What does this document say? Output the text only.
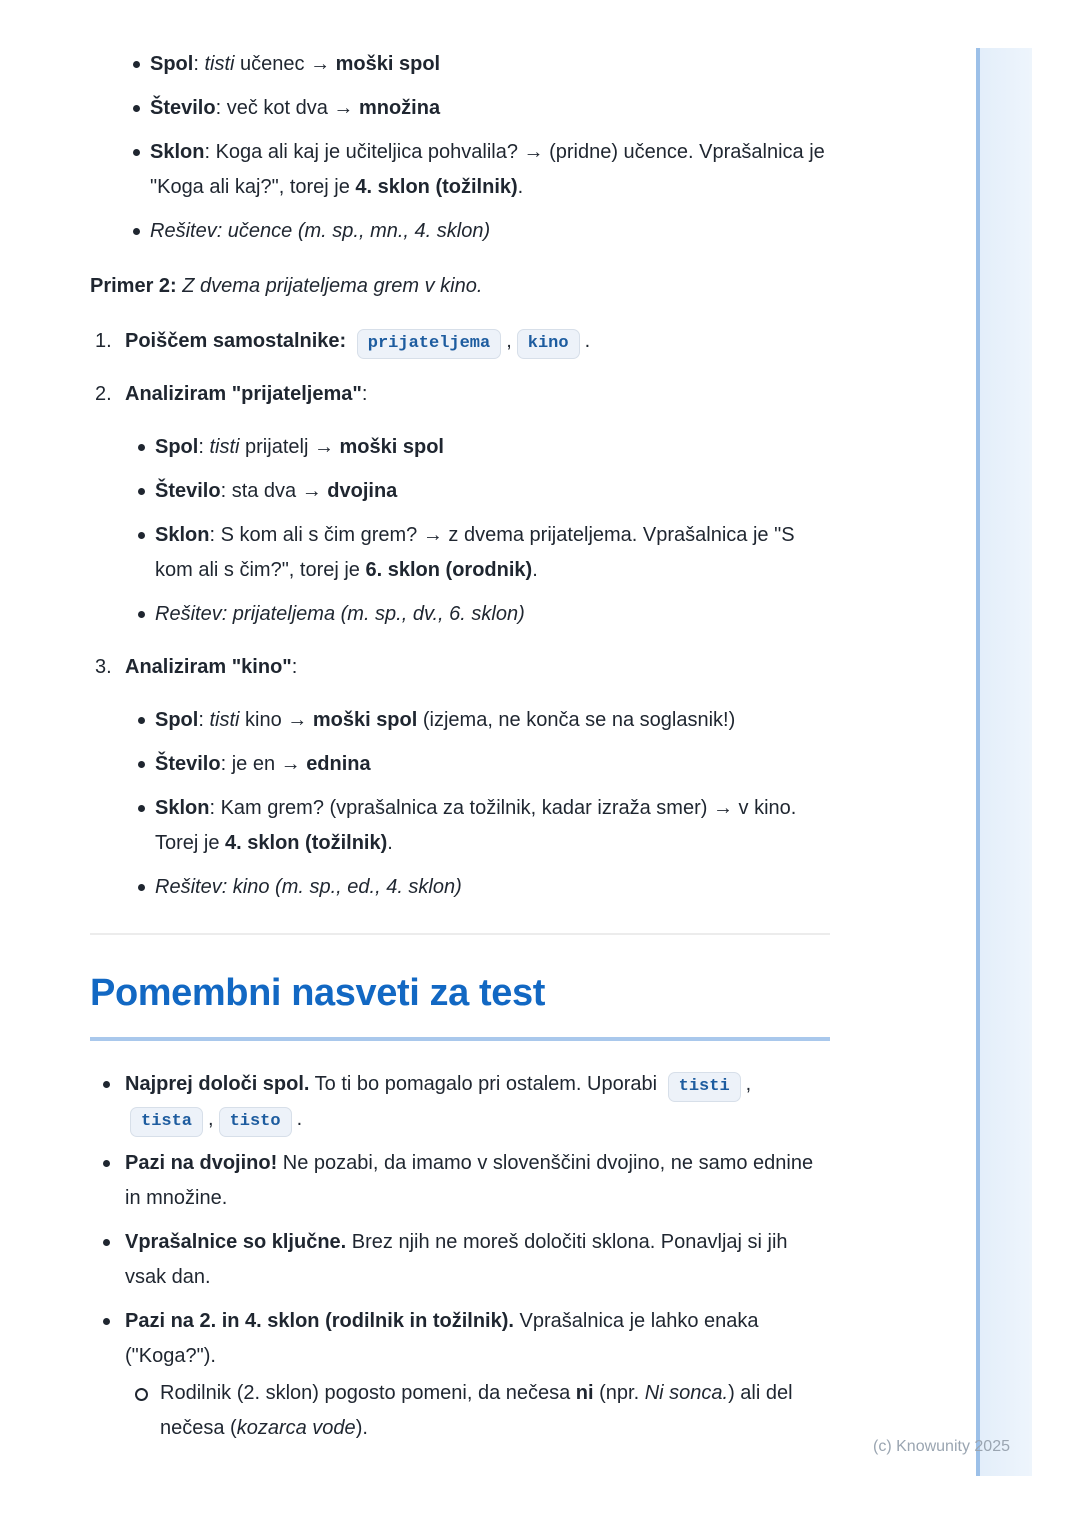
Spol: tisti učenec → moški spol
Število: več kot dva → množina
Sklon: Koga ali kaj je učiteljica pohvalila? → (pridne) učence. Vprašalnica je "Koga ali kaj?", torej je 4. sklon (tožilnik).
Rešitev: učence (m. sp., mn., 4. sklon)

Primer 2: Z dvema prijateljema grem v kino.

1. Poiščem samostalnike: prijateljema , kino .
2. Analiziram "prijateljema":
Spol: tisti prijatelj → moški spol
Število: sta dva → dvojina
Sklon: S kom ali s čim grem? → z dvema prijateljema. Vprašalnica je "S kom ali s čim?", torej je 6. sklon (orodnik).
Rešitev: prijateljema (m. sp., dv., 6. sklon)
3. Analiziram "kino":
Spol: tisti kino → moški spol (izjema, ne konča se na soglasnik!)
Število: je en → ednina
Sklon: Kam grem? (vprašalnica za tožilnik, kadar izraža smer) → v kino. Torej je 4. sklon (tožilnik).
Rešitev: kino (m. sp., ed., 4. sklon)
Pomembni nasveti za test
Najprej določi spol. To ti bo pomagalo pri ostalem. Uporabi tisti ,tista , tisto .
Pazi na dvojino! Ne pozabi, da imamo v slovenščini dvojino, ne samo ednine in množine.
Vprašalnice so ključne. Brez njih ne moreš določiti sklona. Ponavljaj si jih vsak dan.
Pazi na 2. in 4. sklon (rodilnik in tožilnik). Vprašalnica je lahko enaka ("Koga?").
Rodilnik (2. sklon) pogosto pomeni, da nečesa ni (npr. Ni sonca.) ali del nečesa (kozarca vode).
(c) Knowunity 2025
